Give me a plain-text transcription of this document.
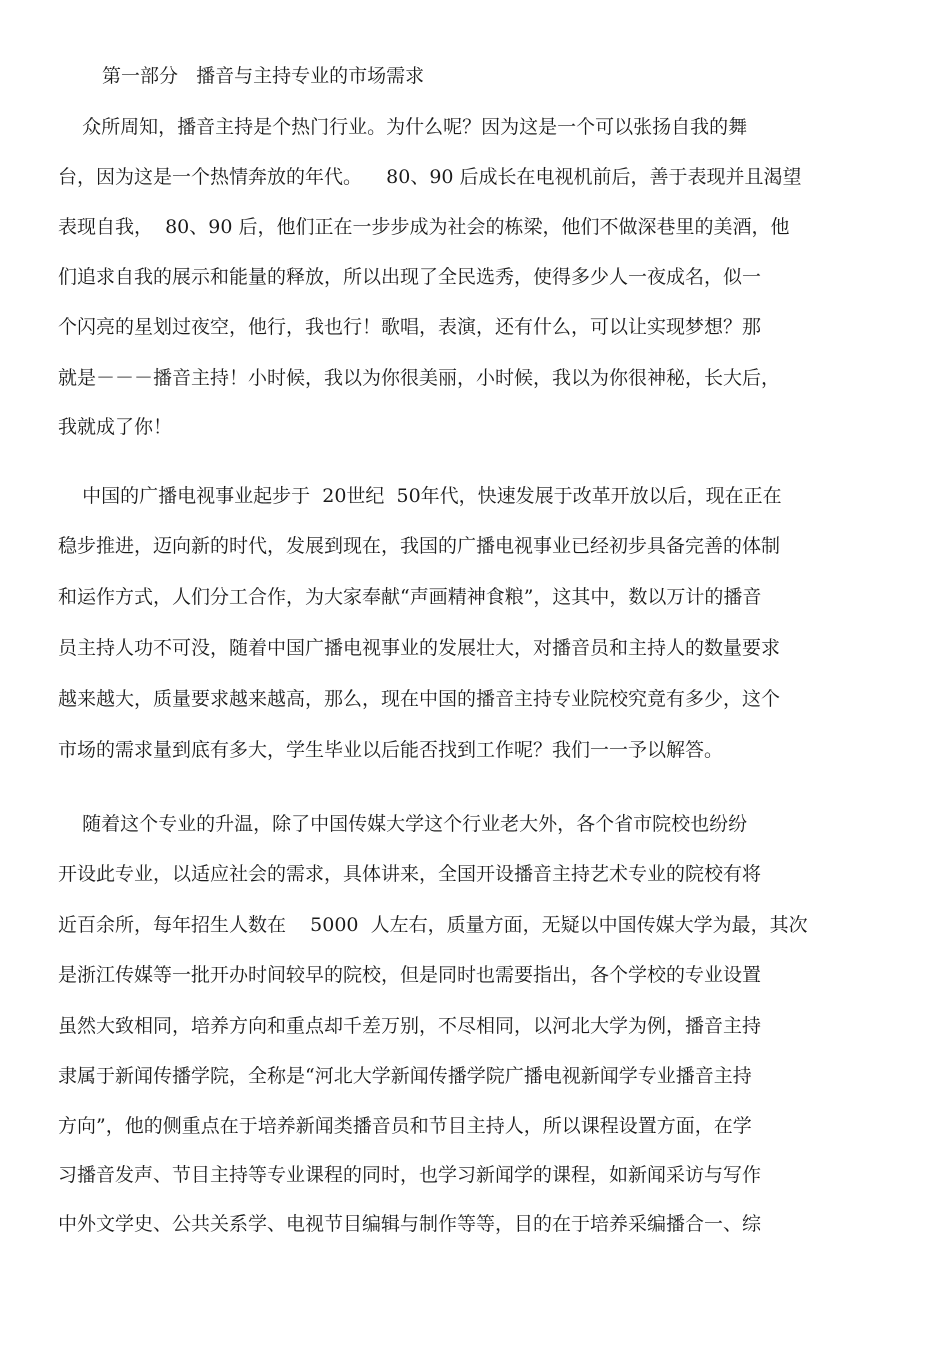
第一部分   播音与主持专业的市场需求
众所周知，播音主持是个热门行业。为什么呢？因为这是一个可以张扬自我的舞
台，因为这是一个热情奔放的年代。    80、90 后成长在电视机前后，善于表现并且渴望
表现自我，  80、90 后，他们正在一步步成为社会的栋梁，他们不做深巷里的美酒，他
们追求自我的展示和能量的释放，所以出现了全民选秀，使得多少人一夜成名，似一
个闪亮的星划过夜空，他行，我也行！歌唱，表演，还有什么，可以让实现梦想？那
就是－－－播音主持！小时候，我以为你很美丽，小时候，我以为你很神秘，长大后，
我就成了你！
中国的广播电视事业起步于  20世纪  50年代，快速发展于改革开放以后，现在正在
稳步推进，迈向新的时代，发展到现在，我国的广播电视事业已经初步具备完善的体制
和运作方式，人们分工合作，为大家奉献“声画精神食粮”，这其中，数以万计的播音
员主持人功不可没，随着中国广播电视事业的发展壮大，对播音员和主持人的数量要求
越来越大，质量要求越来越高，那么，现在中国的播音主持专业院校究竟有多少，这个
市场的需求量到底有多大，学生毕业以后能否找到工作呢？我们一一予以解答。
随着这个专业的升温，除了中国传媒大学这个行业老大外，各个省市院校也纷纷
开设此专业，以适应社会的需求，具体讲来，全国开设播音主持艺术专业的院校有将
近百余所，每年招生人数在    5000  人左右，质量方面，无疑以中国传媒大学为最，其次
是浙江传媒等一批开办时间较早的院校，但是同时也需要指出，各个学校的专业设置
虽然大致相同，培养方向和重点却千差万别，不尽相同，以河北大学为例，播音主持
隶属于新闻传播学院，全称是“河北大学新闻传播学院广播电视新闻学专业播音主持
方向”，他的侧重点在于培养新闻类播音员和节目主持人，所以课程设置方面，在学
习播音发声、节目主持等专业课程的同时，也学习新闻学的课程，如新闻采访与写作
中外文学史、公共关系学、电视节目编辑与制作等等，目的在于培养采编播合一、综
